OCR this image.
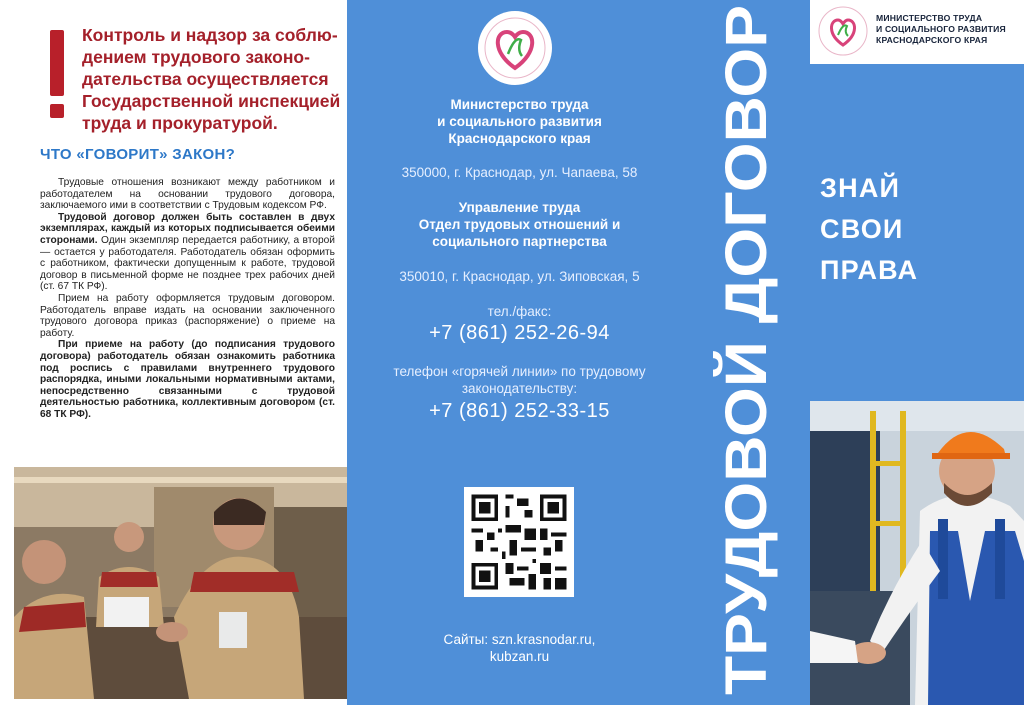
Контроль и надзор за соблю-
дением трудового законо-
дательства осуществляется
Государственной инспекцией
труда и прокуратурой.
ЧТО «ГОВОРИТ» ЗАКОН?

Трудовые отношения возникают между работником и работодателем на основании трудового договора, заключаемого ими в соответствии с Трудовым кодексом РФ.

Трудовой договор должен быть составлен в двух экземплярах, каждый из которых подписывается обеими сторонами. Один экземпляр передается работнику, а второй — остается у работодателя. Работодатель обязан оформить с работником, фактически допущенным к работе, трудовой договор в письменной форме не позднее трех рабочих дней (ст. 67 ТК РФ).

Прием на работу оформляется трудовым договором. Работодатель вправе издать на основании заключенного трудового договора приказ (распоряжение) о приеме на работу.

При приеме на работу (до подписания трудового договора) работодатель обязан ознакомить работника под роспись с правилами внутреннего трудового распорядка, иными локальными нормативными актами, непосредственно связанными с трудовой деятельностью работника, коллективным договором (ст. 68 ТК РФ).

Министерство труда
и социального развития
Краснодарского края
350000, г. Краснодар, ул. Чапаева, 58
Управление труда
Отдел трудовых отношений и
социального партнерства
350010, г. Краснодар, ул. Зиповская, 5
тел./факс:
+7 (861) 252-26-94
телефон «горячей линии» по трудовому
законодательству:
+7 (861) 252-33-15
Сайты: szn.krasnodar.ru,
kubzan.ru	ТРУДОВОЙ ДОГОВОР
МИНИСТЕРСТВО ТРУДА
И СОЦИАЛЬНОГО РАЗВИТИЯ
КРАСНОДАРСКОГО КРАЯ
ЗНАЙ
СВОИ
ПРАВА
